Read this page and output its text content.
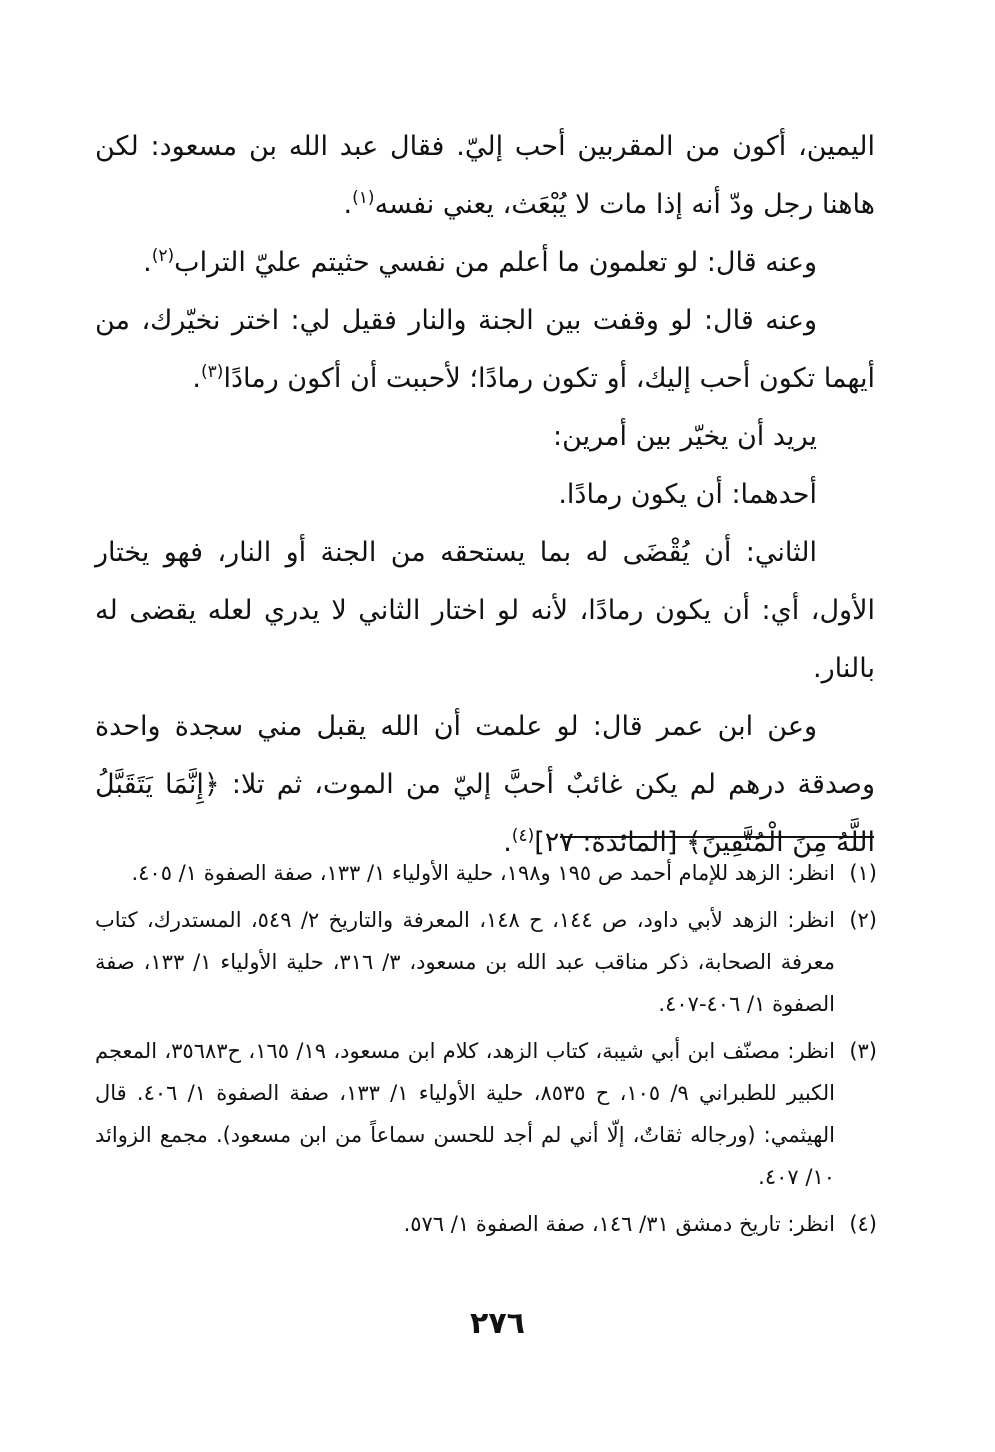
اليمين، أكون من المقربين أحب إليّ. فقال عبد الله بن مسعود: لكن هاهنا رجل ودّ أنه إذا مات لا يُبْعَث، يعني نفسه$^{(١)}$.

وعنه قال: لو تعلمون ما أعلم من نفسي حثيتم عليّ التراب$^{(٢)}$.

وعنه قال: لو وقفت بين الجنة والنار فقيل لي: اختر نخيّرك، من أيهما تكون أحب إليك، أو تكون رمادًا؛ لأحببت أن أكون رمادًا$^{(٣)}$.

يريد أن يخيّر بين أمرين:

أحدهما: أن يكون رمادًا.

الثاني: أن يُقْضَى له بما يستحقه من الجنة أو النار، فهو يختار الأول، أي: أن يكون رمادًا، لأنه لو اختار الثاني لا يدري لعله يقضى له بالنار.

وعن ابن عمر قال: لو علمت أن الله يقبل مني سجدة واحدة وصدقة درهم لم يكن غائبٌ أحبَّ إليّ من الموت، ثم تلا: ﴿إِنَّمَا يَتَقَبَّلُ اللَّهُ مِنَ الْمُتَّقِينَ﴾ [المائدة: ٢٧]$^{(٤)}$.

(١)
انظر: الزهد للإمام أحمد ص ١٩٥ و١٩٨، حلية الأولياء ١/ ١٣٣، صفة الصفوة ١/ ٤٠٥.
(٢)
انظر: الزهد لأبي داود، ص ١٤٤، ح ١٤٨، المعرفة والتاريخ ٢/ ٥٤٩، المستدرك، كتاب معرفة الصحابة، ذكر مناقب عبد الله بن مسعود، ٣/ ٣١٦، حلية الأولياء ١/ ١٣٣، صفة الصفوة ١/ ٤٠٦-٤٠٧.
(٣)
انظر: مصنّف ابن أبي شيبة، كتاب الزهد، كلام ابن مسعود، ١٩/ ١٦٥، ح٣٥٦٨٣، المعجم الكبير للطبراني ٩/ ١٠٥، ح ٨٥٣٥، حلية الأولياء ١/ ١٣٣، صفة الصفوة ١/ ٤٠٦. قال الهيثمي: (ورجاله ثقاتٌ، إلّا أني لم أجد للحسن سماعاً من ابن مسعود). مجمع الزوائد ١٠/ ٤٠٧.
(٤)
انظر: تاريخ دمشق ٣١/ ١٤٦، صفة الصفوة ١/ ٥٧٦.
٢٧٦
